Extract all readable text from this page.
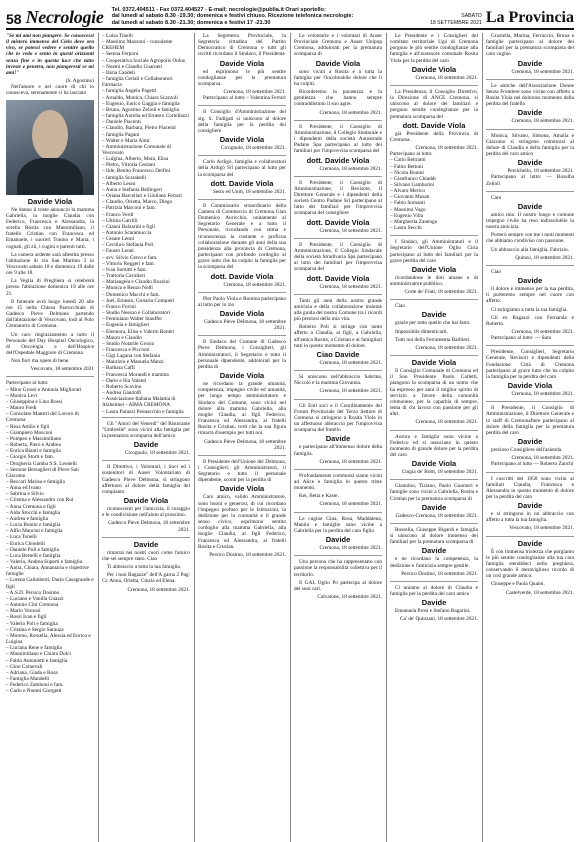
58 Necrologie Tel. 0372.404511 - Fax 0372.404527 - E-mail: necrologie@publia.it Orari sportello:
dal lunedì al sabato 8.30 -19.30; domenica e festivi chiuso. Ricezione telefonica necrologie:
dal lunedì al sabato 8.30 -21.30; domenica e festivi 17 -21.30
SABATO
18 SETTEMBRE 2021 La Provincia

"Se mi ami non piangere. Se conoscessi il mistero immenso del Cielo dove ora vivo, se potessi vedere e sentire quello che io vedo e sento in questi orizzonti senza fine e in questa luce che tutto investe e penetra, non piangeresti se mi ami!"

(S. Agostino)

Nell'amore e nel cuore di chi lo conosceva, serenamente ci ha lasciato

Davide Viola

Ne danno il triste annuncio la mamma Gabriella, la moglie Claudia con Federico, Francesca e Alessandra, la sorella Rosita con Massimiliano, il fratello Cristian con Francesca ed Emanuele, i suoceri Tonino e Maria, i cognati, gli zii, i cugini e parenti tutti.

La camera ardente sarà allestita presso l'abitazione di via San Martino 3 in Vescovato sabato 18 e domenica 19 dalle ore 9 alle 18.

La Veglia di Preghiera si celebrerà presso l'abitazione domenica 19 alle ore 21.

Il funerale avrà luogo lunedì 20 alle ore 15 nella Chiesa Parrocchiale di Gadesco Pieve Delmona partendo dall'abitazione di Vescovato, indi al Polo Crematorio di Cremona.

Un caro ringraziamento a tutto il Personale del Day Hospital Oncologico, di Oncologia e dell'Hospice dell'Ospedale Maggiore di Cremona.

Non fiori ma opere di bene.

Vescovato, 18 settembre 2021
Partecipano al lutto:
– Mino Grossi e Antonia Migliorati
– Monica Levi
– Giuseppina e Lino Rossi
– Mauro Fredi
– Consolato Maestri del Lavoro di Cremona
– Rosa Attilio e figli
– Giampiero Mosconi
– Pompeo e Massimiliano
– Roberta, Piero e Andrea
– Enrica Bianti e famiglia
– Giorgio Storti e fam.
– Drogheria Gamba S.S. Leonelli
– Sestone Bersaglieri di Pieve San Giacomo
– Beccari Marisa e famiglia
– Anna ed Ivano
– Sabrina e Silvio
– Cristina e Alessandro con Rui
– Anna Cremona e figli
– Aldo Stocchi e famiglia
– Andrea e famiglia
– Lucia Bonini e famiglia
– Alfio Mancini e famiglia
– Luca Tonelli
– Enrica Chiodelli
– Daniele Poli e famiglia
– Luca Bertelli e famiglia
– Valeria, Andrea Superti e famiglia
– Anita, Chiara, Annamaria e rispettive famiglie
– Lorena Galimberti, Dario Casagrande e figli
– A.S.D. Persico Dosimo
– Luciano e Vanilla Guazzi
– Antonio Cini Cremona
– Mario Vezzosi
– Rossi Ivan e figli
– Valerio Poli e famiglia
– Cristina e Sergio Sarauza
– Moreno, Rossella, Alessia ed Enrico e Luigina
– Luciana Rene e famiglia
– Massimiliano e Chiara Dolci
– Fabio Antonietti e famiglia
– Gino Carnevali
– Adriana, Giada e Rosa
– Famiglia Mandelli
– Federico Zamboni e fam.
– Carlo e Noemi Giorgetti
– Luisa Tinelli
– Massimo Mazzoni - consulente CREHEM
– Serena Ferponi
– Cooperativa Sociale Agropolis Onlus
– Noemi e Claudio Guarneri
– Ilaria Candeli
– famiglia Ceriali e Collaboratori Farmacia
– famiglia Angelo Pagetti
– Arnaldo, Monica, Chiara Scazzoli
– Eugenio, Enrico Gaggia e famiglia
– Bruno, Agostino Zelioli e famiglia
– famiglia Aurelia ed Ernesto Cortellazzi
– Daniele Piacenti
– Claudio, Barbara, Pietro Piacenti
– famiglia Pagani
– Walter e Maria Aimi
– Amministrazione Comunale di Vescovato
– Luigina, Alberto, Mara, Elisa
– Pietro, Vittoria Ceolani
– Ilde, Benito Francesco Delfini
– famiglia Scarabelli
– Alberto Leoni
– Anna e Stefania Bellingeri
– Oriana Barcellari e Giuliano Ferrari
– Claudio, Orietta, Marco, Diego
– Patrizia Marconi e fam.
– Franco Verdi
– Ultima Garrilli
– Gianni Balzarini e figli
– Antonio Scaramuccia
– Cesare Leoni
– Cecilia e Stefania Poli
– Fausto Leoni
– avv. Silvio Greco e fam.
– Vittorio Reggeri e fam.
– Ivan Somitti e fam.
– Trattoria Cavalieri
– Mariangela e Claudio Bozzini
– Monica e Renzo Nolli
– Domenico Macchi e fam.
– Joel, Ernesto, Gonaria Compieri
– Franco Fovini
– Studio Nessuo e Collaboratori
– Feminiano Walter Stauffer
– Eugenia e famiglieri
– Eleonora, Elisa e Valerio Rontei
– Mauro e Claudio
– Studio Notarile Grosio
– Francesca e Piccioni
– Gigi Lagana con Stefania
– Maurizio e Manuela Manzi
– Barbara Caffi
– Francesca Morandi e mamma
– Dario e Ilia Valenti
– Roberto Scavino
– Andrea Gandolfi
– Associazione Italiana Malattia di Alzheimer - AIMA CREMONA
– Laura Parazzi Pennacchio e famiglia

Gli "Amici del Venerdì" del Ristorante "Umbrelle" sono vicini alla famiglia per la prematura scomparsa dell'amico

Davide
Cicognolo, 18 settembre 2021.

Il Direttivo, i Volontari, i Soci ed i sostenitori di Auser Volontariato di Gadesco Pieve Delmona, si stringono affettuosi al dolore della famiglia del compianto

Davide Viola

riconoscenti per l'amicizia, il coraggio e le condivisione nell'aiuto al prossimo.

Gadesco Pieve Delmona, 18 settembre 2021.
Davide

rimarrai nei nostri cuori come l'amico che sei sempre stato. Ciao

Ti abbraccio a tutta la tua famiglia.

Per i tuoi Ragazze" dell'A garna 2 Pag: Cr. Anna, Orietta, Cinzia ed Elena.

Cremona, 18 settembre 2021.

La Segreteria Provinciale, la Segreteria cittadina del Partito Democratico di Cremona e tutti gli iscritti ricordano il Sindaco, il Presidente

Davide Viola

ed esprimono le più sentite condoglianze per la prematura scomparsa.

Cremona, 18 settembre 2021.

Partecipano al lutto: - Valentina Ferrari

Il Consiglio d'Amministrazione del sig. S. Fadigati si uniscono al dolore della famiglia per la perdita del consigliere

Davide Viola
Cicognolo, 18 settembre 2021.

Carlo Ardigò, famiglia e collaboratori della Ardigò Srl partecipano al lutto per la scomparsa del

dott. Davide Viola
Sesto ed Uniti, 18 settembre 2021.

Il Commissario straordinario della Camera di Commercio di Cremona Gian Domenico Auricchio, unitamente al Segretario Generale e a tutto il Personale, ricordando con stima e riconoscenza la costante e proficua collaborazione durante gli anni della sua presidenza alla provincia di Cremona, partecipano con profondo cordoglio al grave lutto che ha colpito la famiglia per la scomparsa del

dott. Davide Viola
Cremona, 18 settembre 2021.

Pier Paolo Viola e Romina partecipano al lutto per lo zio

Davide Viola
Gadesco Pieve Delmona, 18 settembre 2021.

Il Sindaco del Comune di Gadesco Pieve Delmona, i Consiglieri, gli Amministratori, il Segretario e tutto il personale dipendente, addolorati per la perdita di

Davide Viola

ne ricordano la grande umanità, competenza, impegno civile ed umanità, per lungo tempo amministratore e Sindaco del Comune, sono vicini nel dolore alla mamma Gabriella, alla moglie Claudia, ai figli Federico, Francesca ed Alessandra, ai fratelli Rosita e Cristian, certi che la sua figura rimarrà d'esempio per tutti noi.

Gadesco Pieve Delmona, 18 settembre 2021.

Il Presidente dell'Unione del Delmona, i Consiglieri, gli Amministratori, il Segretario e tutto il personale dipendente, sconti per la perdita di

Davide Viola

Caro amico, valido Amministratore, sono buoni e generosi, di cui ricordano l'impegno profuso per le Istituzioni, la dedizione per la comunità e il grande senso civico, esprimono sentito cordoglio alla mamma Gabriella, alla moglie Claudia, ai figli Federico, Francesca ed Alessandra, ai fratelli Rosita e Cristian.

Persico Dosimo, 18 settembre 2021.

Le volontarie e i volontari di Auser Provinciale Cremona e Auser Unipop Cremona, addolorati per la prematura scomparsa di

Davide Viola

sono vicini a Rosita e a tutta la famiglia per l'incolmabile dolore che li ha colpiti.

Ricorderemo la pacatezza e la gentilezza che hanno sempre contraddistinto il suo agire.

Cremona, 18 settembre 2021.

Il Presidente, il Consiglio di Amministrazione, il Collegio Sindacale e i dipendenti della società Autostrade Padane Spa partecipano al lutto dei familiari per l'improvvisa scomparsa del

dott. Davide Viola
Cremona, 18 settembre 2021.

Il Presidente, il Consiglio di Amministrazione, il Revisore, il Direttore Generale e i dipendenti della società Centro Padane Srl partecipano al lutto dei familiari per l'improvvisa scomparsa del consigliere

dott. Davide Viola
Cremona, 18 settembre 2021.

Il Presidente, il Consiglio di Amministrazione, il Collegio Sindacale della società Stradivaria Spa partecipano al lutto dei familiari per l'improvvisa scomparsa del

dott. Davide Viola
Cremona, 18 settembre 2021.

Tanti gli anni della nostra grande amicizia e della collaborazione insieme alla guida del nostro Comune tra i ricordi più preziosi della mia vita.

Roberto Poli si stringe con tanto affetto a Claudia, ai figli, a Gabriella, all'amica Rosita, a Cristian e ai famigliari tutti in questo momento di dolore.

Ciao Davide
Cremona, 18 settembre 2021.

Si uniscono nell'abbraccio Sabrina, Niccolò e la mamma Giovanna.

Cremona, 18 settembre 2021.

Gli Enti soci e il Coordinamento del Forum Provinciale del Terzo Settore di Cremona si stringono a Rosita Viola in un affettuoso abbraccio per l'improvvisa scomparsa del fratello

Davide

e partecipano all'immenso dolore della famiglia.

Cremona, 18 settembre 2021.

Profondamente commossi siamo vicini ad Alice e famiglia in questo triste momento.

Kei, Betta e Kaste.

Cremona, 18 settembre 2021.

Le cugine Gina, Rosa, Maddalena, Manini e famiglie sono vicine a Gabriella per la perdita del caro figlio

Davide
Cremona, 18 settembre 2021.

Una persona che ha rappresentato con passione la responsabilità collettiva per il territorio.

Il GAL Oglio Po partecipa al dolore del suoi cari.

Calvatone, 18 settembre 2021.

Le Presidente e i Consiglieri del comitato territoriale Ugo di Cremona porgono le più sentite condoglianze alla famiglia e all'assessore comunale Rosita Viola per la perdita del caro

Davide Viola
Cremona, 18 settembre 2021.

La Presidenza, il Consiglio Direttivo, la Direzione di ANCE Cremona, si uniscono al dolore dei familiari e porgono sentite condoglianze per la prematura scomparsa del

dott. Davide Viola

già Presidente della Provincia di Cremona.

Cremona, 18 settembre 2021.
Partecipano al lutto:
– Carlo Beltrami
– Fabio Bettoni
– Nicola Bonini
– Gianfranco Chiaddi
– Silvano Gambarini
– Alvaro Merico
– Giovanni Musan
– Fabio Somanti
– Massimo Vago
– Eugenio Villa
– Margherita Zanenga
– Laura Secchi

I Sindaci, gli Amministratori e il Segretario dell'Unione Oglio Ciria partecipano al lutto dei familiari per la grave perdita del caro

Davide Viola

ricordandone le doti umane e di amministratore pubblico.

Corte de' Frati, 18 settembre 2021.

Ciao

Davide

grazie per tutto quello che hai fatto.

Impossibile dimenticarti.

Tutti noi della Ferramenta Barbieri.

Cremona, 18 settembre 2021.
Davide Viola

Il Consiglio Comunale di Cremona ed il Suo Presidente Paolo Carletti, piangono la scomparsa di un uomo che ha espresso per anni il miglior spirito di servizio a favore della comunità cremonese, per la caparbia di sempre, tema di chi lavora con passione per gli altri.

Cremona, 18 settembre 2021.

Aurora e famiglia sono vicine a Federico ed si associano in questo momento di grande dolore per la perdita del caro

Davide Viola
Cingia de' Botti, 18 settembre 2021.

Giannino, Tiziano, Paolo Guarneri e famiglie sono vicini a Gabriella, Rosita e Cristian per la prematura scomparsa di

Davide
Gadesco-Cremona, 18 settembre 2021.

Rossella, Giuseppe Bigardi e famiglia si uniscono al dolore immenso dei familiari per la prematura scomparsa di

Davide

e ne ricordano la competenza, la dedizione e l'amicizia sempre gentile.

Persico Dosimo, 18 settembre 2021.

Ci uniamo al dolore di Claudia e famiglia per la perdita del caro amico

Davide

Emanuela Prosi e Stefano Bagarini.

Ca' de' Quinzani, 18 settembre 2021.

Graziella, Marina, Ferruccio, Bruna e famiglie partecipano al dolore dei familiari per la prematura scomparsa del caro cugino

Davide
Cremona, 18 settembre 2021.

Le amiche dell'Associazione Donne Senza Frontiere sono vicine con affetto a Rosita Viola nel doloroso momento della perdita del fratello

Davide
Cremona, 18 settembre 2021.

Monica, Silvano, Simona, Amalia e Giacomo si stringono commossi al dolore di Claudia e della famiglia per la perdita del caro amico

Davide
Persichello, 18 settembre 2021.

Partecipano al lutto: — Rosalba Zelioli

Caro

Davide

amico mio. Il nostro lungo e comune impegno civile ha reso indissolubile la nostra amicizia.

Porterò sempre con me i tanti momenti che abbiamo condiviso con passione.

Un abbraccio alla famiglia. Fabrizio.

Quinzo, 18 settembre 2021.

Ciao

Davide

il dolore è immenso per la tua perdita, ti porteremo sempre nel cuore con affetto.

Ci stringiamo a tutta la tua famiglia.

Gli ex Ragazzi con Fernanda e Roberto.

Cremona, 18 settembre 2021.

Partecipano al lutto: — Sara

Presidente, Consiglieri, Segretario Generale, Revisori e dipendenti della Fondazione Città di Cremona partecipano al grave lutto che ha colpito la famiglia per la perdita del caro

Davide Viola
Cremona, 18 settembre 2021.

Il Presidente, il Consiglio di Amministrazione, il Direttore Generale e lo staff di Cremonafiere partecipano al dolore della famiglia per la prematura perdita del caro

Davide

prezioso Consigliere dell'azienda.

Cremona, 18 settembre 2021.

Partecipano al lutto — Roberto Zanchi

I coscritti del 1958 sono vicini ai familiari Claudia, Francesca e Alessandra in questo momento di dolore per la perdita del caro

Davide

e si stringono in un abbraccio con affetto a tutta la tua famiglia.

Vescovato, 18 settembre 2021.
Davide

È con immensa tristezza che porgiamo le più sentite condoglianze alla tua cara famiglia stendidoci nella preghiera, conservando il meraviglioso ricordo di un così grande amico.

Giuseppe e Paola Quaini.

Castelverde, 18 settembre 2021.
